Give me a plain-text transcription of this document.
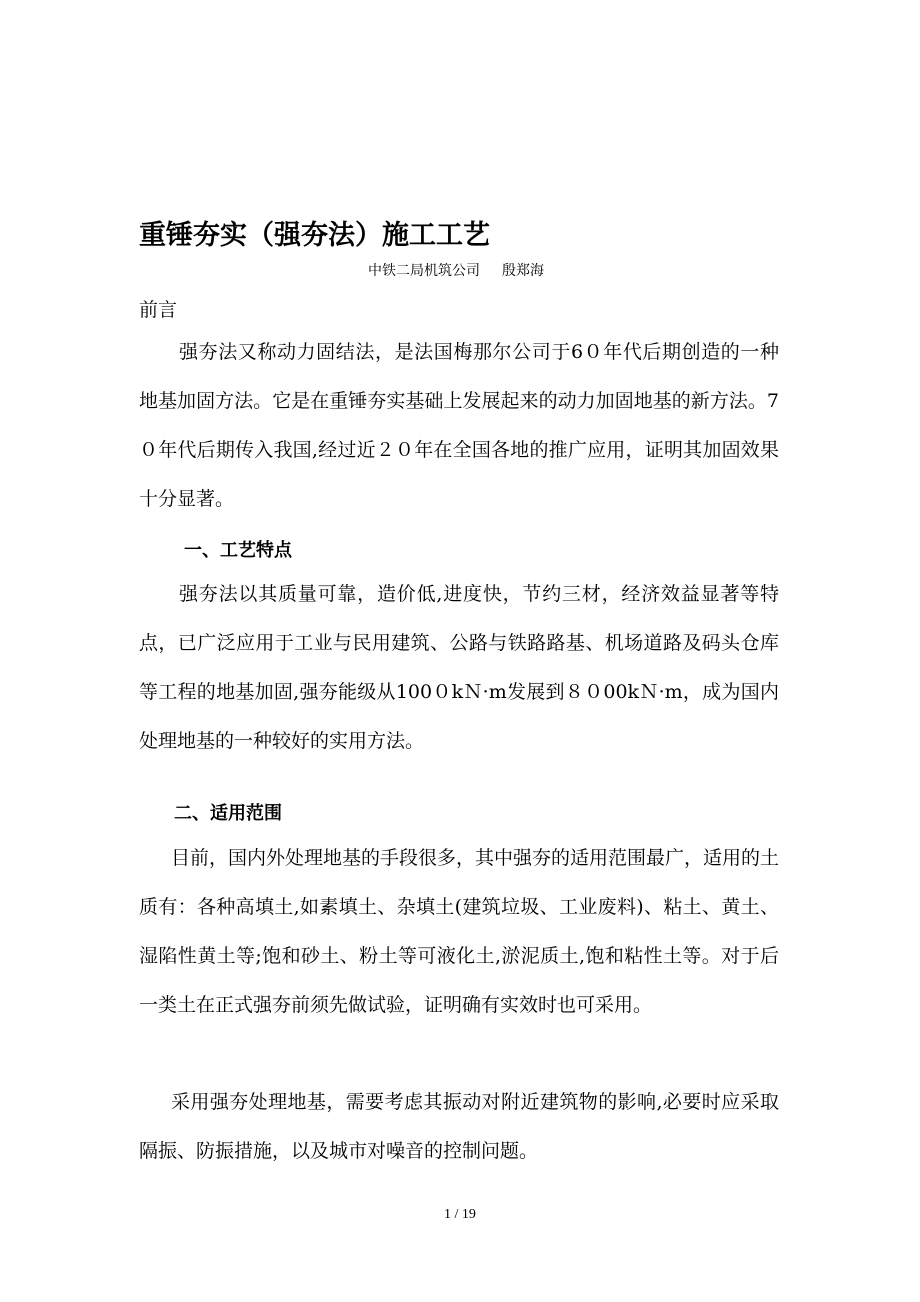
重锤夯实（强夯法）施工工艺
中铁二局机筑公司 殷郑海
前言
强夯法又称动力固结法，是法国梅那尔公司于6０年代后期创造的一种地基加固方法。它是在重锤夯实基础上发展起来的动力加固地基的新方法。7０年代后期传入我国,经过近２０年在全国各地的推广应用，证明其加固效果十分显著。
一、工艺特点
强夯法以其质量可靠，造价低,进度快，节约三材，经济效益显著等特点，已广泛应用于工业与民用建筑、公路与铁路路基、机场道路及码头仓库等工程的地基加固,强夯能级从100０kＮ·m发展到８０00kＮ·m，成为国内处理地基的一种较好的实用方法。
二、适用范围
目前，国内外处理地基的手段很多，其中强夯的适用范围最广，适用的土质有：各种高填土,如素填土、杂填土(建筑垃圾、工业废料)、粘土、黄土、湿陷性黄土等;饱和砂土、粉土等可液化土,淤泥质土,饱和粘性土等。对于后一类土在正式强夯前须先做试验，证明确有实效时也可采用。
采用强夯处理地基，需要考虑其振动对附近建筑物的影响,必要时应采取隔振、防振措施，以及城市对噪音的控制问题。
1 / 19
